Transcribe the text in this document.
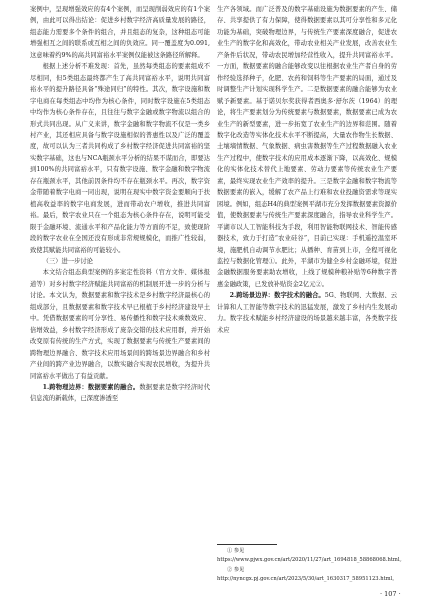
案例中，呈现增强效应的有4个案例，而呈现削弱效应的有1个案例，由此可以得出结论：促进乡村数字经济高质量发展的路径，组态能力需要多个条件的组合，并且组态的复杂，这种组态可能增强相互之间的联系或互相之间的负效应。同一覆盖度为0.091,这意味着约9%的高共同富裕水平案例仅能被这条路径所解释。

根据上述分析不难发现：首先，虽然每类组态的要素组成不尽相同，但5类组态最终都产生了高共同富裕水平，说明共同富裕水平的提升路径具备“殊途同归”的特性。其次，数字设施和数字电商在每类组态中均作为核心条件，同时数字设施在5类组态中均作为核心条件存在，且往往与数字金融或数字物流以组合的形式共同出现。从广义来讲，数字金融和数字物流不仅是一类乡村产业，其还相应具备与数字设施相似的普惠性以及广泛的覆盖度，故可以认为三者共同构成了乡村数字经济促进共同富裕的坚实数字基础，这也与NCA瓶颈水平分析的结果不谋而合，即要达到100%的共同富裕水平，只有数字设施、数字金融和数字物流存在瓶颈水平，其他前因条件均不存在瓶颈水平。再次，数字资金带随着数字电商一同出现，说明在现实中数字资金要顺向于扶植高收益率的数字电商发展，进而带动农户增收，推进共同富裕。最后，数字农业只在一个组态为核心条件存在，说明可能受限于金融环境、流通水平和产品化能力等方面的不足，致使现阶段的数字农业在全国还没有形成非常规规模化，而推广性较弱，致使其赋能共同富裕的可能较小。

（三）进一步讨论

本文结合组态典型案例的多案定性资料（官方文件、媒体报道等）对乡村数字经济赋能共同富裕的机制展开进一步的分析与讨论。本文认为，数据要素和数字技术是乡村数字经济最核心的组成部分，且数据要素和数字技术早已根植于乡村经济建设早土中。凭借数据要素的可分享性、易传播性和数字技术乘数效应、倍增效益，乡村数字经济形成了庞杂交错的技术应用群，并开始改变原有传统的生产方式，实现了数据要素与传统生产要素间的跨物理边界融合、数字技术应用场景间的跨场景边界融合和乡村产业间的跨产业边界融合，以数实融合实现农民增收，为提升共同富裕水平做出了有益贡献。

1.跨物理边界：数据要素的融合。数据要素是数字经济时代信息流的新载体，已深度渗透至

生产各领域。而广泛普及的数字基础设施为数据要素的产生、储存、共享提供了有力保障，使得数据要素以其可分享性和多元化功能为基础，突破物理边界，与传统生产要素深度融合，促进农业生产的数字化和高效化，带动农业相关产业发展，改善农业生产条件后状况，带动农民增加经营性收入，提升共同富裕水平。一方面，数据要素的融合能够改变以往根据农业生产者自身的劳作经验选择种子，化肥、农药和饲料等生产要素的局面，通过及时调整生产计划实现科学生产。二是数据要素的融合能够为农业赋予新要素。基于诺贝尔奖获得者西奥多·舒尔茨（1964）的理论，将生产要素划分为传统要素与数据要素，数据要素已成为农业生产的新型要素，进一步拓宽了农业生产的边界和范围。随着数字化改造等实体化技术水平不断提高，大量农作物生长数据、土壤墒情数据、气象数据、病虫害数据等生产过程数据融入农业生产过程中，使数字技术的应用成本逐渐下降，以高效化、规模化的实体化技术替代上地要素、劳动力要素等传统农业生产要素，最终实现农业生产效率的提升。三是数字金融和数字物流等数据要素的嵌入，缓解了农产品上行难和农业投融资需求等现实困境。例如，组态H4的典型案例平湖市充分发挥数据要素资源价值，使数据要素与传统生产要素深度融合，指导农业科学生产。平湖市以人工智能科技为手段，利用智能物联网技术、智能传感器技术，致力于打造“农业硅谷”，目前已实现：手机遥控温室环境，施肥机自动调节水肥比；从播种、育苗到上市，全程可视化监控与数据化管理①。此外，平湖市为健全乡村金融环境，促进金融数据服务要素助农增收，上线了规模种粮补贴等6种数字普惠金融政策，已发放补贴资金2亿元②。

2.跨场景边界：数字技术的融合。5G、物联网、大数据、云计算和人工智能等数字技术的迅猛发展，激发了乡村内生发展动力。数字技术赋能乡村经济建设的场景越来越丰富，各类数字技术应

① 参见 https://www.pjwx.gov.cn/art/2020/11/27/art_1694818_58868068.html。

② 参见 http://nyncgx.pj.gov.cn/art/2023/5/30/art_1630317_58951123.html。

· 107 ·
